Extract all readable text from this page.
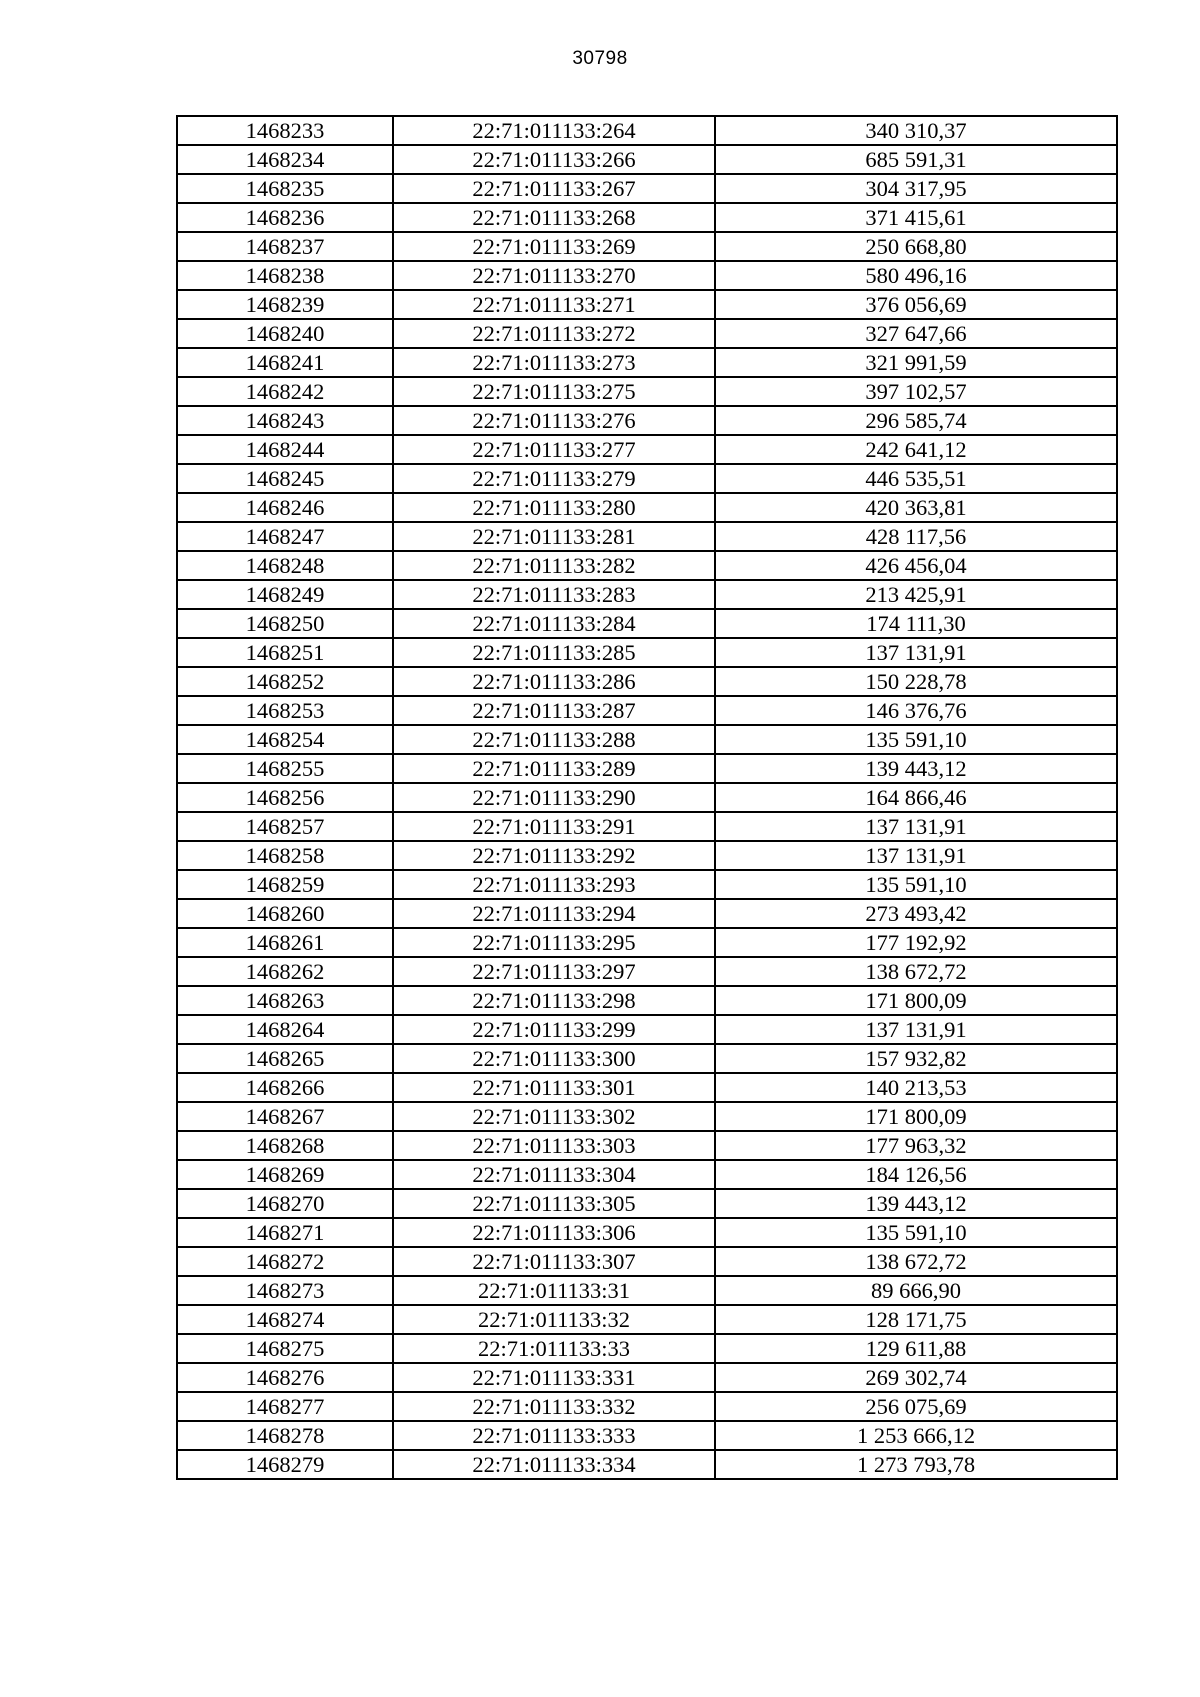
30798
1468233	22:71:011133:264	340 310,37
1468234	22:71:011133:266	685 591,31
1468235	22:71:011133:267	304 317,95
1468236	22:71:011133:268	371 415,61
1468237	22:71:011133:269	250 668,80
1468238	22:71:011133:270	580 496,16
1468239	22:71:011133:271	376 056,69
1468240	22:71:011133:272	327 647,66
1468241	22:71:011133:273	321 991,59
1468242	22:71:011133:275	397 102,57
1468243	22:71:011133:276	296 585,74
1468244	22:71:011133:277	242 641,12
1468245	22:71:011133:279	446 535,51
1468246	22:71:011133:280	420 363,81
1468247	22:71:011133:281	428 117,56
1468248	22:71:011133:282	426 456,04
1468249	22:71:011133:283	213 425,91
1468250	22:71:011133:284	174 111,30
1468251	22:71:011133:285	137 131,91
1468252	22:71:011133:286	150 228,78
1468253	22:71:011133:287	146 376,76
1468254	22:71:011133:288	135 591,10
1468255	22:71:011133:289	139 443,12
1468256	22:71:011133:290	164 866,46
1468257	22:71:011133:291	137 131,91
1468258	22:71:011133:292	137 131,91
1468259	22:71:011133:293	135 591,10
1468260	22:71:011133:294	273 493,42
1468261	22:71:011133:295	177 192,92
1468262	22:71:011133:297	138 672,72
1468263	22:71:011133:298	171 800,09
1468264	22:71:011133:299	137 131,91
1468265	22:71:011133:300	157 932,82
1468266	22:71:011133:301	140 213,53
1468267	22:71:011133:302	171 800,09
1468268	22:71:011133:303	177 963,32
1468269	22:71:011133:304	184 126,56
1468270	22:71:011133:305	139 443,12
1468271	22:71:011133:306	135 591,10
1468272	22:71:011133:307	138 672,72
1468273	22:71:011133:31	89 666,90
1468274	22:71:011133:32	128 171,75
1468275	22:71:011133:33	129 611,88
1468276	22:71:011133:331	269 302,74
1468277	22:71:011133:332	256 075,69
1468278	22:71:011133:333	1 253 666,12
1468279	22:71:011133:334	1 273 793,78
